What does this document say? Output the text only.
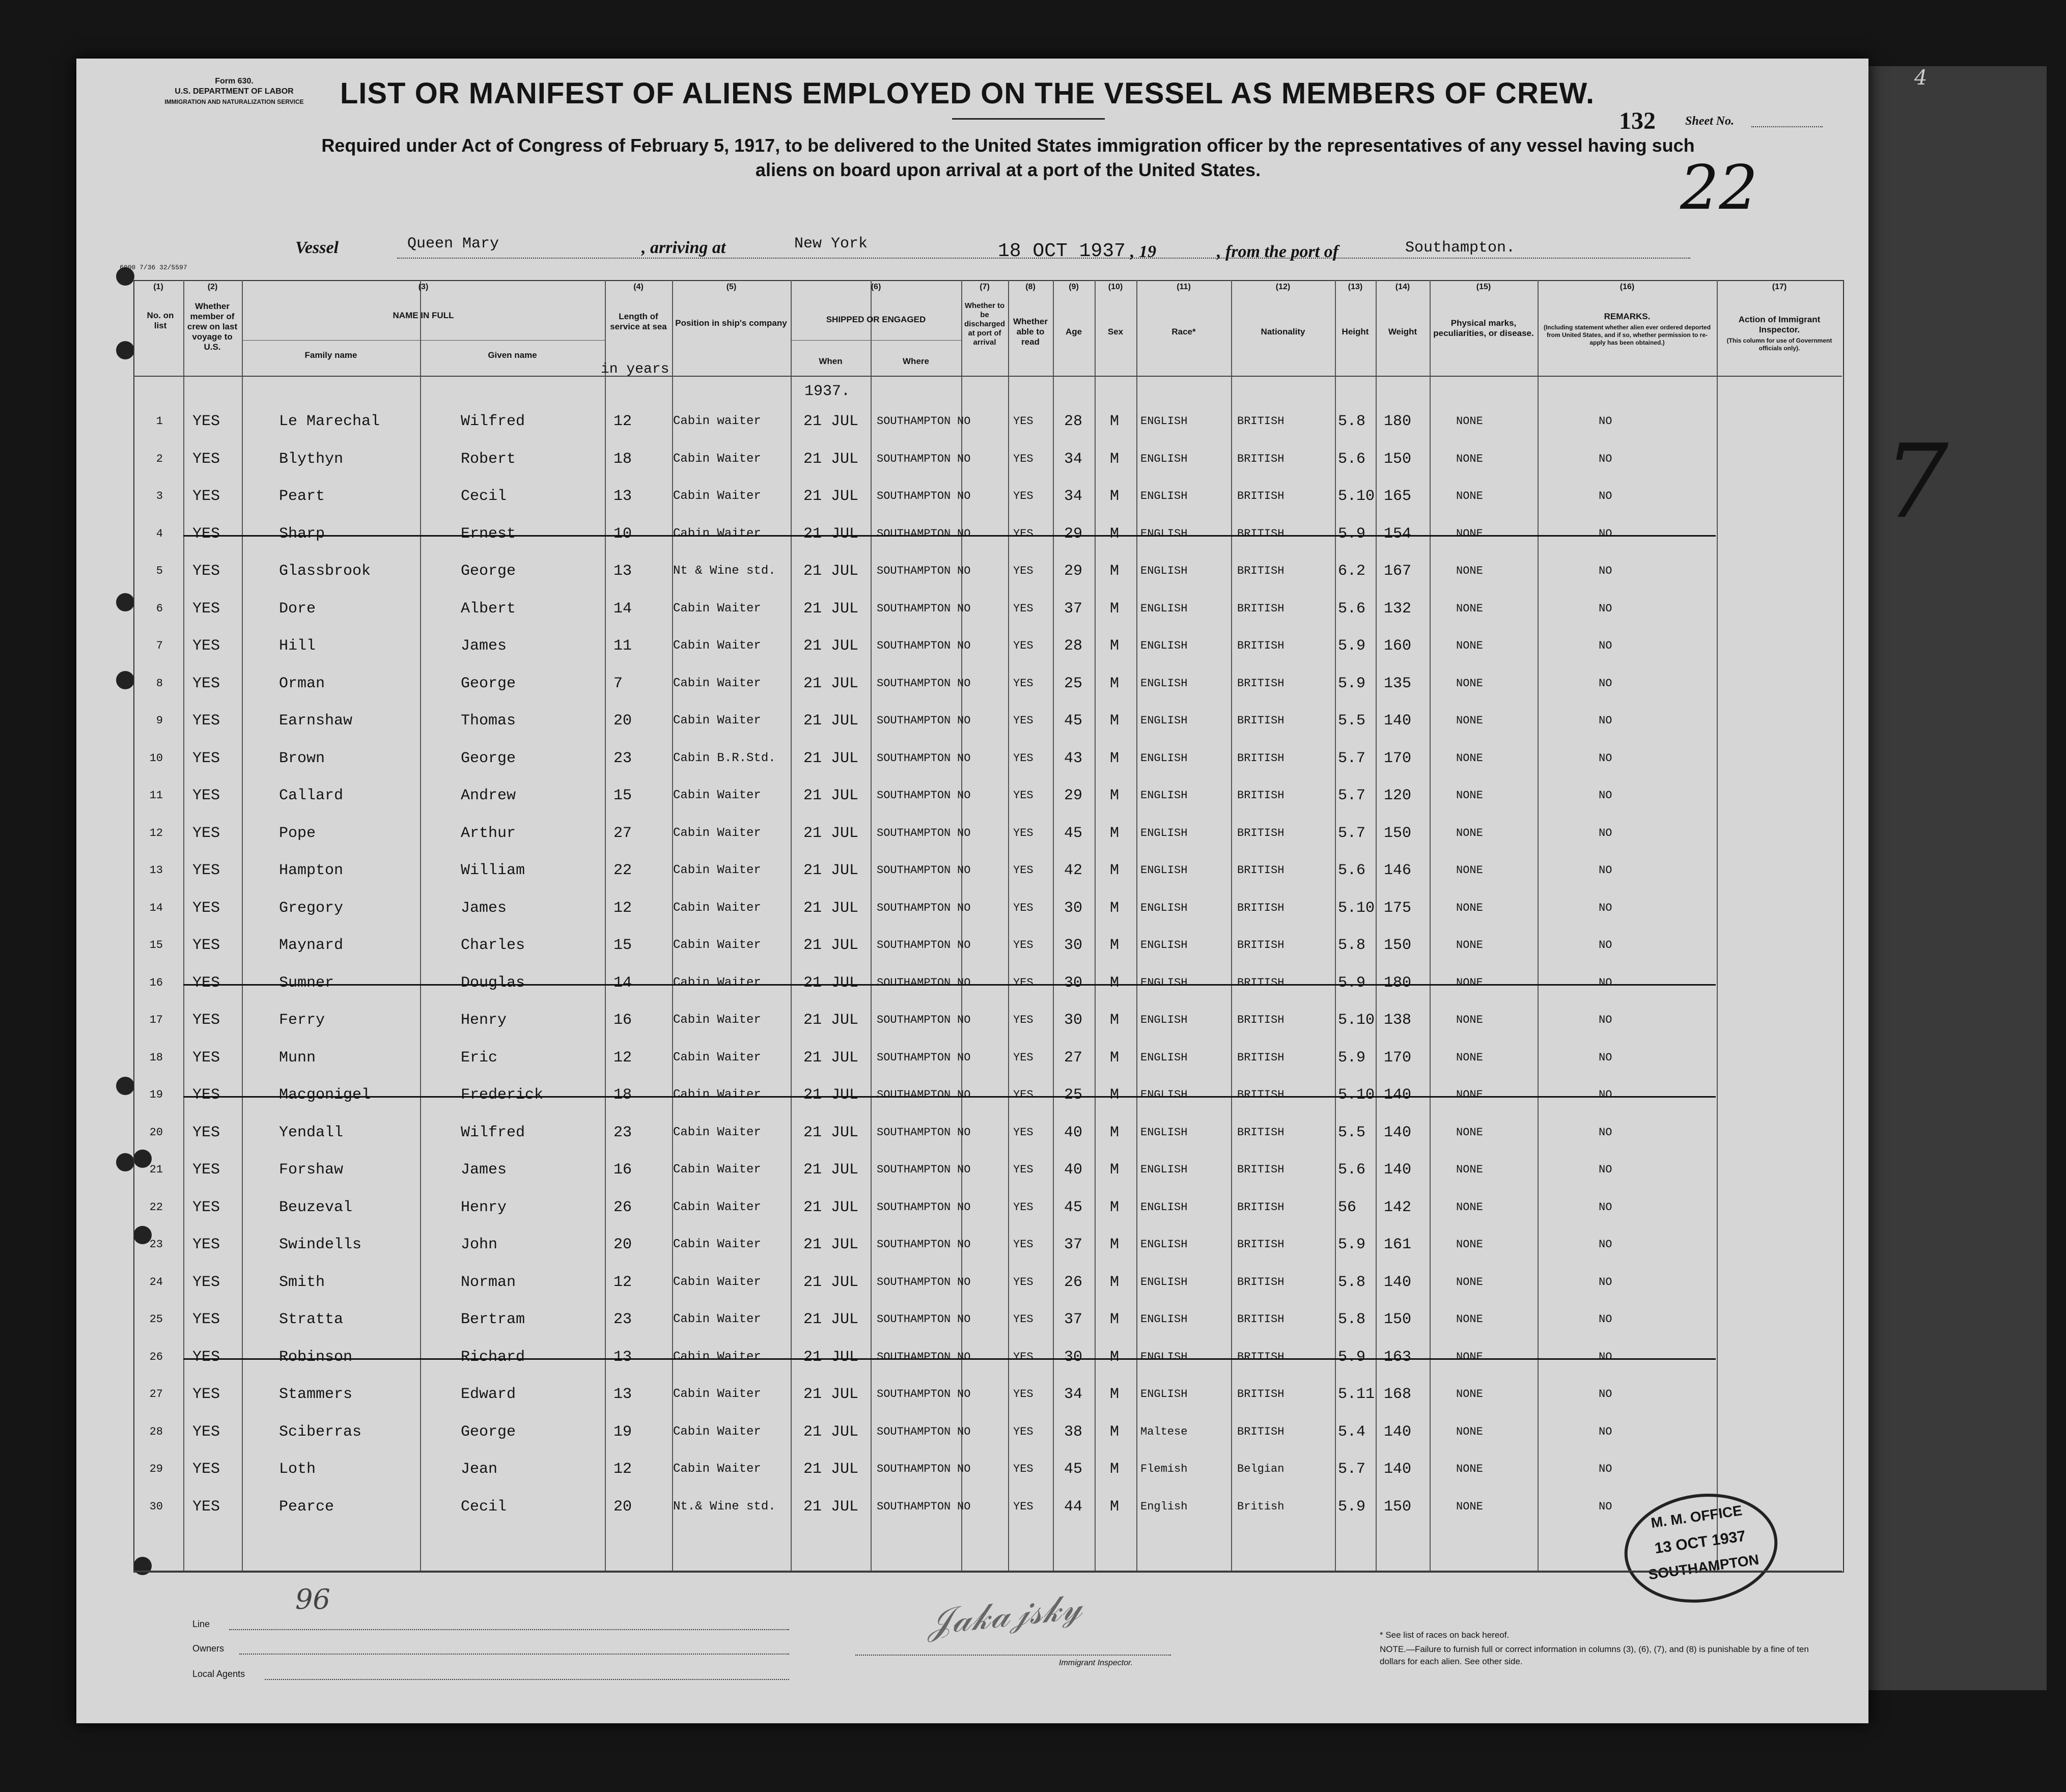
4
Form 630.
U.S. DEPARTMENT OF LABOR
IMMIGRATION AND NATURALIZATION SERVICE
6000 7/36 32/5597
132 Sheet No.
22
7
LIST OR MANIFEST OF ALIENS EMPLOYED ON THE VESSEL AS MEMBERS OF CREW.
Required under Act of Congress of February 5, 1917, to be delivered to the United States immigration officer by the representatives of any vessel having such
aliens on board upon arrival at a port of the United States.
Vessel	Queen Mary	, arriving at	New York	18 OCT 1937 , 19	, from the port of	Southampton.
(1)	(2)	(3)	(4)	(5)	(6)	(7)	(8)	(9)	(10)	(11)	(12)	(13)	(14)	(15)	(16)	(17)
No. on list
Whether member of crew on last voyage to U.S.
NAME IN FULL
Family name	Given name
Length of service at sea
in years
Position in ship's company	SHIPPED OR ENGAGED
When	Where
Whether to be discharged at port of arrival
Whether able to read
Age	Sex	Race*	Nationality	Height	Weight
Physical marks, peculiarities, or disease.
REMARKS.
(Including statement whether alien ever ordered deported from United States, and if so, whether permission to re-apply has been obtained.)
Action of Immigrant Inspector.
(This column for use of Government officials only).
1937.
1 YES	Le Marechal	Wilfred	12	Cabin waiter	21 JUL SOUTHAMPTON NO	YES 28 M ENGLISH	BRITISH	5.8 180	NONE	NO
2 YES	Blythyn	Robert	18	Cabin Waiter	21 JUL SOUTHAMPTON NO	YES 34 M ENGLISH	BRITISH	5.6 150	NONE	NO
3 YES	Peart	Cecil	13	Cabin Waiter	21 JUL SOUTHAMPTON NO	YES 34 M ENGLISH	BRITISH	5.10 165	NONE	NO
4 YES	Sharp	Ernest	10	Cabin Waiter	21 JUL SOUTHAMPTON NO	YES 29 M ENGLISH	BRITISH	5.9 154	NONE	NO
5 YES	Glassbrook	George	13	Nt & Wine std. 21 JUL SOUTHAMPTON NO	YES 29 M ENGLISH	BRITISH	6.2 167	NONE	NO
6 YES	Dore	Albert	14	Cabin Waiter	21 JUL SOUTHAMPTON NO	YES 37 M ENGLISH	BRITISH	5.6 132	NONE	NO
7 YES	Hill	James	11	Cabin Waiter	21 JUL SOUTHAMPTON NO	YES 28 M ENGLISH	BRITISH	5.9 160	NONE	NO
8 YES	Orman	George	7	Cabin Waiter	21 JUL SOUTHAMPTON NO	YES 25 M ENGLISH	BRITISH	5.9 135	NONE	NO
9 YES	Earnshaw	Thomas	20	Cabin Waiter	21 JUL SOUTHAMPTON NO	YES 45 M ENGLISH	BRITISH	5.5 140	NONE	NO
10 YES	Brown	George	23	Cabin B.R.Std. 21 JUL SOUTHAMPTON NO	YES 43 M ENGLISH	BRITISH	5.7 170	NONE	NO
11 YES	Callard	Andrew	15	Cabin Waiter	21 JUL SOUTHAMPTON NO	YES 29 M ENGLISH	BRITISH	5.7 120	NONE	NO
12 YES	Pope	Arthur	27	Cabin Waiter	21 JUL SOUTHAMPTON NO	YES 45 M ENGLISH	BRITISH	5.7 150	NONE	NO
13 YES	Hampton	William	22	Cabin Waiter	21 JUL SOUTHAMPTON NO	YES 42 M ENGLISH	BRITISH	5.6 146	NONE	NO
14 YES	Gregory	James	12	Cabin Waiter	21 JUL SOUTHAMPTON NO	YES 30 M ENGLISH	BRITISH	5.10 175	NONE	NO
15 YES	Maynard	Charles	15	Cabin Waiter	21 JUL SOUTHAMPTON NO	YES 30 M ENGLISH	BRITISH	5.8 150	NONE	NO
16 YES	Sumner	Douglas	14	Cabin Waiter	21 JUL SOUTHAMPTON NO	YES 30 M ENGLISH	BRITISH	5.9 180	NONE	NO
17 YES	Ferry	Henry	16	Cabin Waiter	21 JUL SOUTHAMPTON NO	YES 30 M ENGLISH	BRITISH	5.10 138	NONE	NO
18 YES	Munn	Eric	12	Cabin Waiter	21 JUL SOUTHAMPTON NO	YES 27 M ENGLISH	BRITISH	5.9 170	NONE	NO
19 YES	Macgonigel	Frederick	18	Cabin Waiter	21 JUL SOUTHAMPTON NO	YES 25 M ENGLISH	BRITISH	5.10 140	NONE	NO
20 YES	Yendall	Wilfred	23	Cabin Waiter	21 JUL SOUTHAMPTON NO	YES 40 M ENGLISH	BRITISH	5.5 140	NONE	NO
21 YES	Forshaw	James	16	Cabin Waiter	21 JUL SOUTHAMPTON NO	YES 40 M ENGLISH	BRITISH	5.6 140	NONE	NO
22 YES	Beuzeval	Henry	26	Cabin Waiter	21 JUL SOUTHAMPTON NO	YES 45 M ENGLISH	BRITISH	56 142	NONE	NO
23 YES	Swindells	John	20	Cabin Waiter	21 JUL SOUTHAMPTON NO	YES 37 M ENGLISH	BRITISH	5.9 161	NONE	NO
24 YES	Smith	Norman	12	Cabin Waiter	21 JUL SOUTHAMPTON NO	YES 26 M ENGLISH	BRITISH	5.8 140	NONE	NO
25 YES	Stratta	Bertram	23	Cabin Waiter	21 JUL SOUTHAMPTON NO	YES 37 M ENGLISH	BRITISH	5.8 150	NONE	NO
26 YES	Robinson	Richard	13	Cabin Waiter	21 JUL SOUTHAMPTON NO	YES 30 M ENGLISH	BRITISH	5.9 163	NONE	NO
27 YES	Stammers	Edward	13	Cabin Waiter	21 JUL SOUTHAMPTON NO	YES 34 M ENGLISH	BRITISH	5.11 168	NONE	NO
28 YES	Sciberras	George	19	Cabin Waiter	21 JUL SOUTHAMPTON NO	YES 38 M Maltese	BRITISH	5.4 140	NONE	NO
29 YES	Loth	Jean	12	Cabin Waiter	21 JUL SOUTHAMPTON NO	YES 45 M Flemish	Belgian	5.7 140	NONE	NO
30 YES	Pearce	Cecil	20	Nt.& Wine std. 21 JUL SOUTHAMPTON NO	YES 44 M English	British	5.9 150	NONE	NO	M. M. OFFICE
13 OCT 1937
SOUTHAMPTON
Line
Owners
Local Agents
96	𝒥𝒶𝓀𝒶𝒿𝓈𝓀𝓎
Immigrant Inspector.
* See list of races on back hereof.
NOTE.—Failure to furnish full or correct information in columns (3), (6), (7), and (8) is punishable by a fine of ten dollars for each alien. See other side.
